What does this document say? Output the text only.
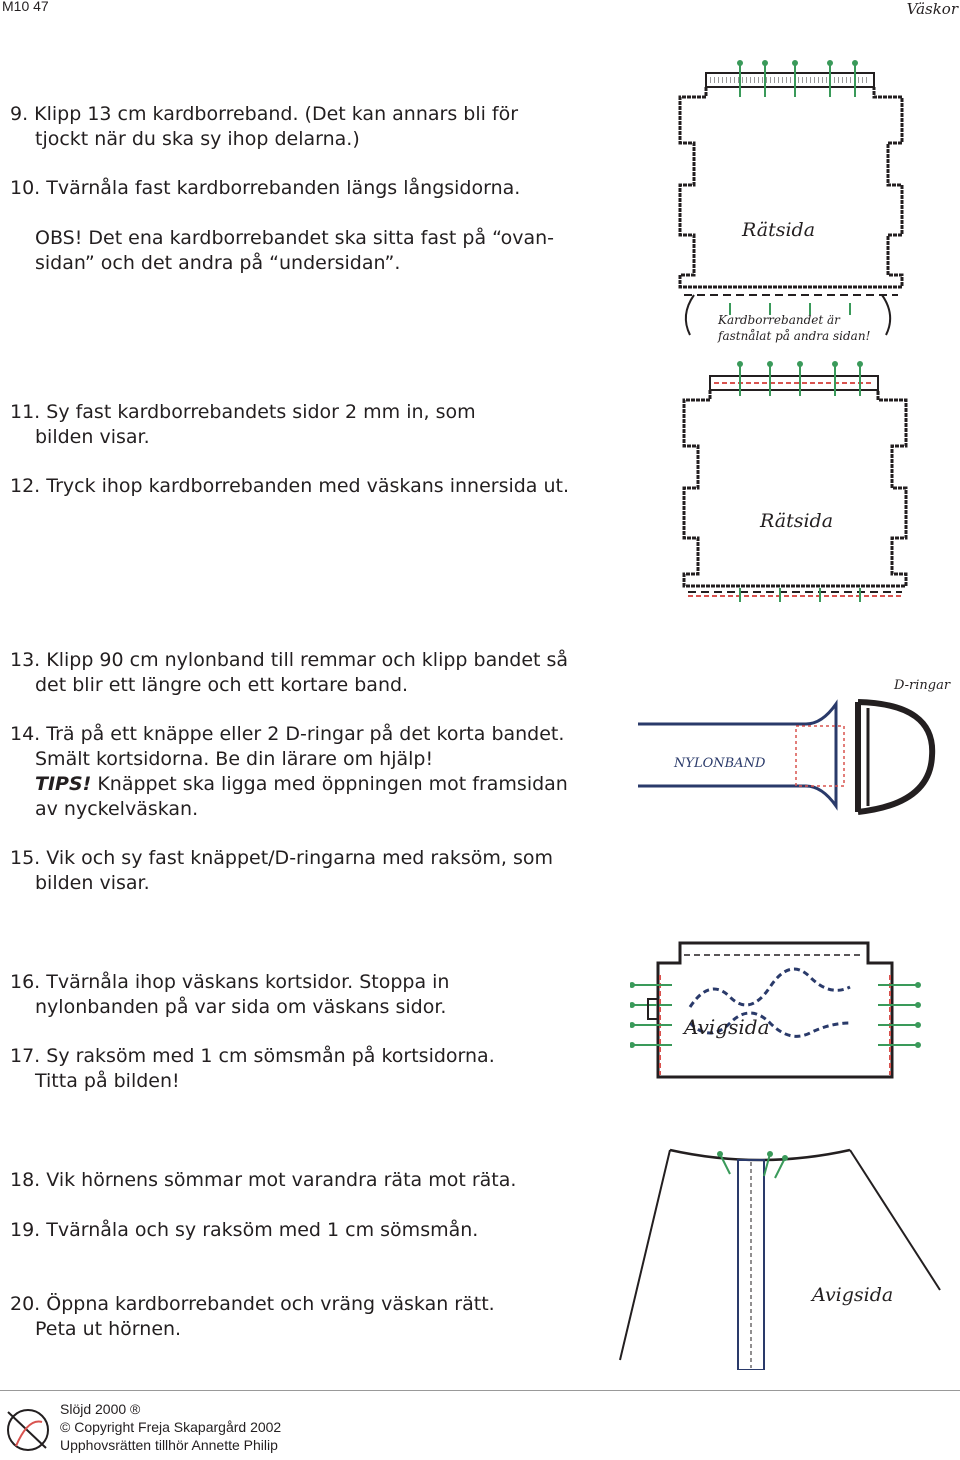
M10 47	Väskor
9. Klipp 13 cm kardborreband. (Det kan annars bli för
tjockt när du ska sy ihop delarna.)
10. Tvärnåla fast kardborrebanden längs långsidorna.
OBS! Det ena kardborrebandet ska sitta fast på “ovan-
sidan” och det andra på “undersidan”.
11. Sy fast kardborrebandets sidor 2 mm in, som
bilden visar.
12. Tryck ihop kardborrebanden med väskans innersida ut.
13. Klipp 90 cm nylonband till remmar och klipp bandet så
det blir ett längre och ett kortare band.
14. Trä på ett knäppe eller 2 D-ringar på det korta bandet.
Smält kortsidorna. Be din lärare om hjälp!
TIPS! Knäppet ska ligga med öppningen mot framsidan
av nyckelväskan.
15. Vik och sy fast knäppet/D-ringarna med raksöm, som
bilden visar.
16. Tvärnåla ihop väskans kortsidor. Stoppa in
nylonbanden på var sida om väskans sidor.
17. Sy raksöm med 1 cm sömsmån på kortsidorna.
Titta på bilden!
18. Vik hörnens sömmar mot varandra räta mot räta.
19. Tvärnåla och sy raksöm med 1 cm sömsmån.
20. Öppna kardborrebandet och vräng väskan rätt.
Peta ut hörnen.
Rätsida
Kardborrebandet är
fastnålat på andra sidan!
Rätsida
D-ringar
NYLONBAND
Avigsida
Avigsida
Slöjd 2000 ®
© Copyright Freja Skapargård 2002
Upphovsrätten tillhör Annette Philip
